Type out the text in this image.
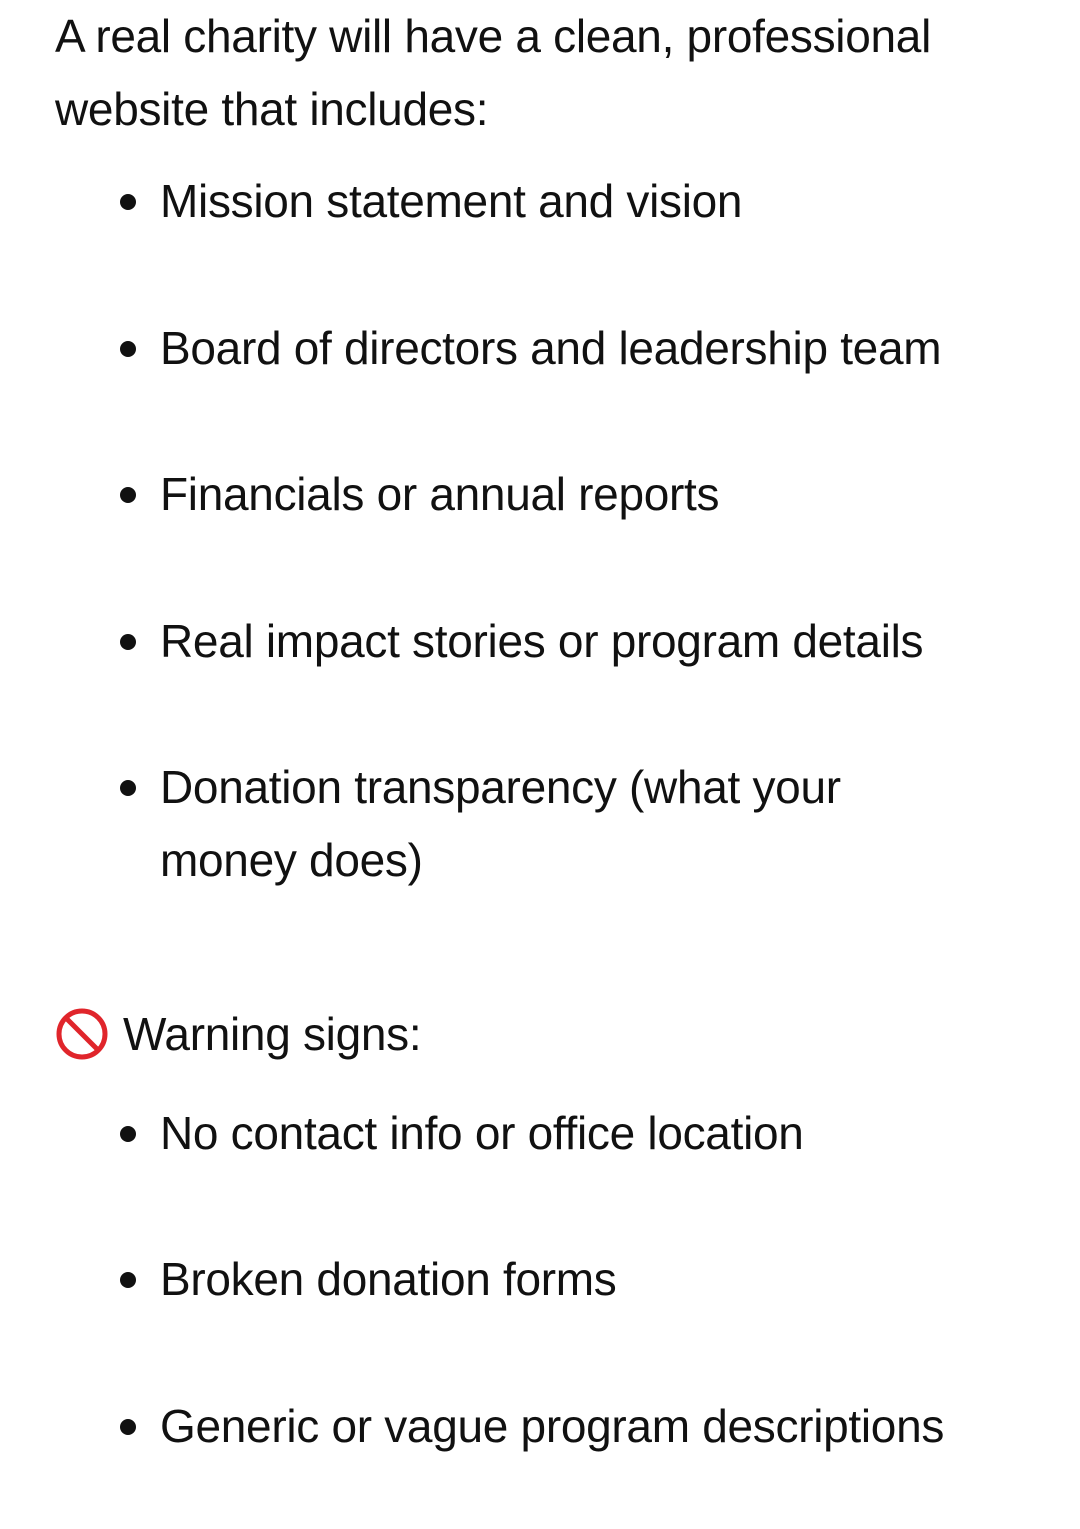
A real charity will have a clean, professional website that includes:

Mission statement and vision
Board of directors and leadership team
Financials or annual reports
Real impact stories or program details
Donation transparency (what your money does)
Warning signs:
No contact info or office location
Broken donation forms
Generic or vague program descriptions
